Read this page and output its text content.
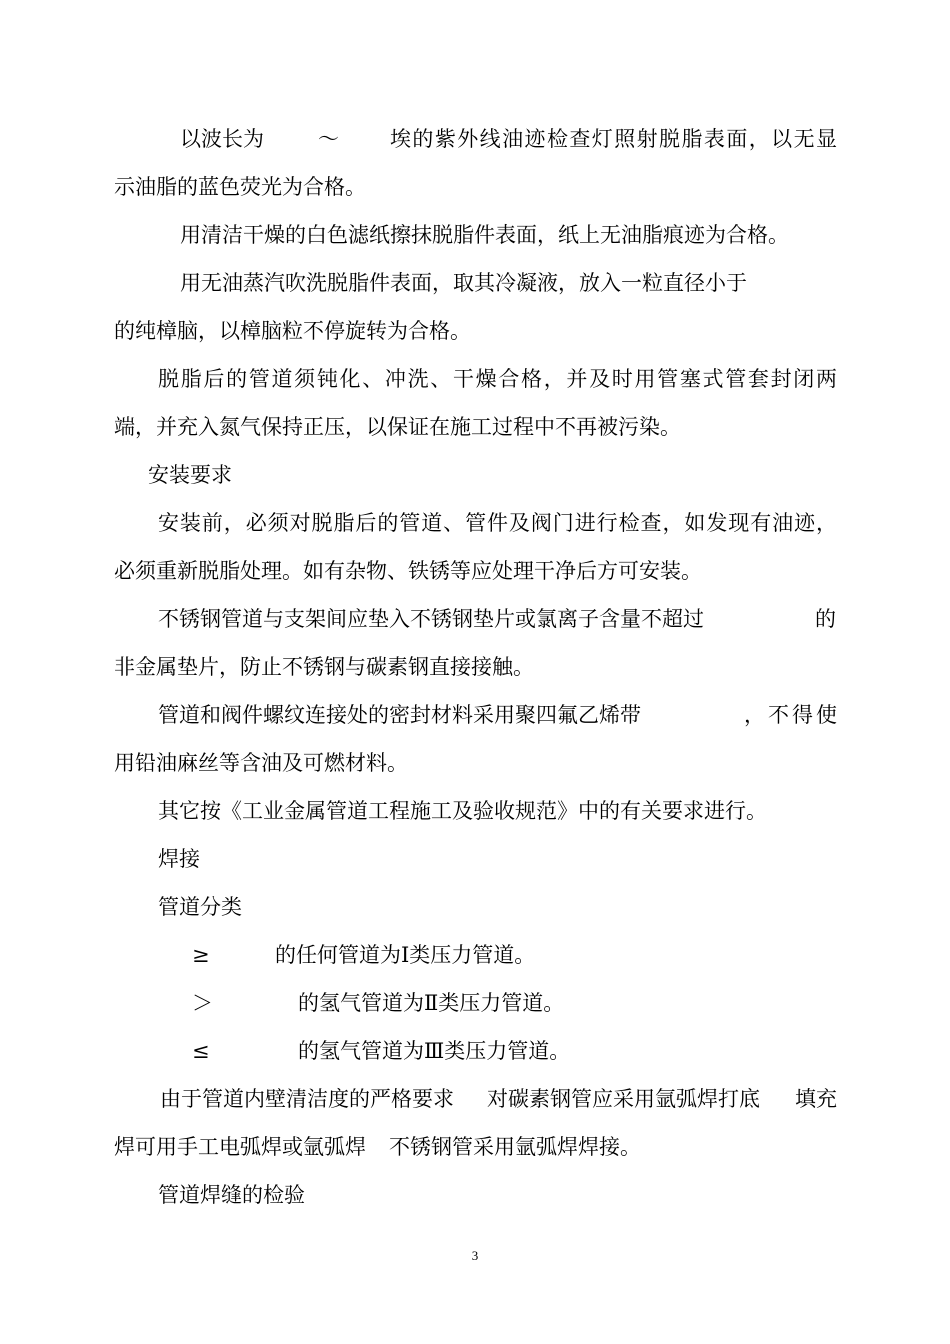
以波长为	～ 埃的紫外线油迹检查灯照射脱脂表面，以无显

示油脂的蓝色荧光为合格。

用清洁干燥的白色滤纸擦抹脱脂件表面，纸上无油脂痕迹为合格。

用无油蒸汽吹洗脱脂件表面，取其冷凝液，放入一粒直径小于

的纯樟脑，以樟脑粒不停旋转为合格。

脱脂后的管道须钝化、冲洗、干燥合格，并及时用管塞式管套封闭两

端，并充入氮气保持正压，以保证在施工过程中不再被污染。

安装要求

安装前，必须对脱脂后的管道、管件及阀门进行检查，如发现有油迹，

必须重新脱脂处理。如有杂物、铁锈等应处理干净后方可安装。

不锈钢管道与支架间应垫入不锈钢垫片或氯离子含量不超过	的

非金属垫片，防止不锈钢与碳素钢直接接触。

管道和阀件螺纹连接处的密封材料采用聚四氟乙烯带	，不得使

用铅油麻丝等含油及可燃材料。

其它按《工业金属管道工程施工及验收规范》中的有关要求进行。

焊接

管道分类

≥	的任何管道为Ⅰ类压力管道。

＞	的氢气管道为Ⅱ类压力管道。

≤	的氢气管道为Ⅲ类压力管道。

由于管道内壁清洁度的严格要求 对碳素钢管应采用氩弧焊打底 填充

焊可用手工电弧焊或氩弧焊 不锈钢管采用氩弧焊焊接。

管道焊缝的检验

3
